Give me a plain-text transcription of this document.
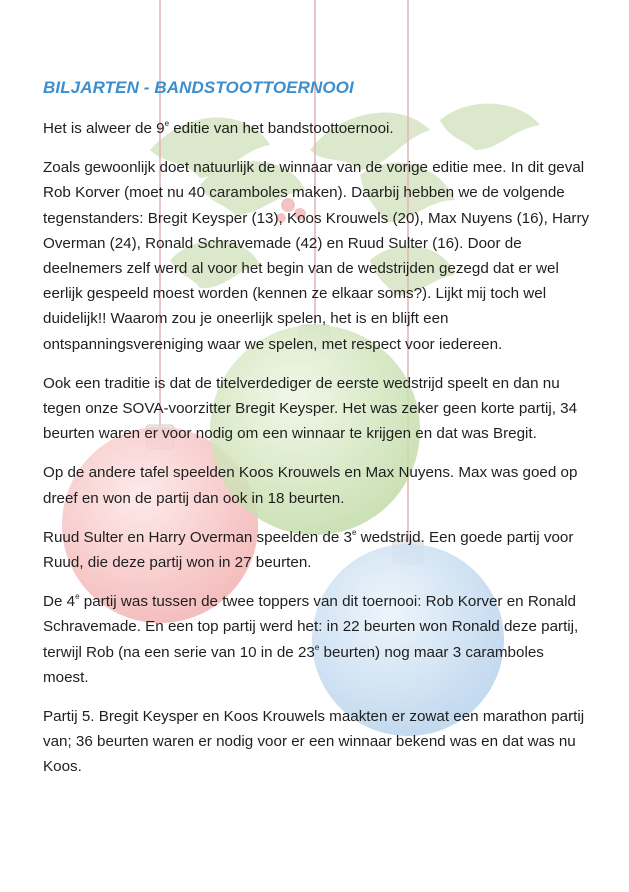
BILJARTEN - BANDSTOOTTOERNOOI

Het is alweer de 9e editie van het bandstoottoernooi.

Zoals gewoonlijk doet natuurlijk de winnaar van de vorige editie mee. In dit geval Rob Korver (moet nu 40 caramboles maken). Daarbij hebben we de volgende tegenstanders: Bregit Keysper (13), Koos Krouwels (20), Max Nuyens (16), Harry Overman (24), Ronald Schravemade (42) en Ruud Sulter (16). Door de deelnemers zelf werd al voor het begin van de wedstrijden gezegd dat er wel eerlijk gespeeld moest worden (kennen ze elkaar soms?). Lijkt mij toch wel duidelijk!! Waarom zou je oneerlijk spelen, het is en blijft een ontspanningsvereniging waar we spelen, met respect voor iedereen.

Ook een traditie is dat de titelverdediger de eerste wedstrijd speelt en dan nu tegen onze SOVA-voorzitter Bregit Keysper. Het was zeker geen korte partij, 34 beurten waren er voor nodig om een winnaar te krijgen en dat was Bregit.

Op de andere tafel speelden Koos Krouwels en Max Nuyens. Max was goed op dreef en won de partij dan ook in 18 beurten.

Ruud Sulter en Harry Overman speelden de 3e wedstrijd. Een goede partij voor Ruud, die deze partij won in 27 beurten.

De 4e partij was tussen de twee toppers van dit toernooi: Rob Korver en Ronald Schravemade. En een top partij werd het: in 22 beurten won Ronald deze partij, terwijl Rob (na een serie van 10 in de 23e beurten) nog maar 3 caramboles moest.

Partij 5. Bregit Keysper en Koos Krouwels maakten er zowat een marathon partij van; 36 beurten waren er nodig voor er een winnaar bekend was en dat was nu Koos.
